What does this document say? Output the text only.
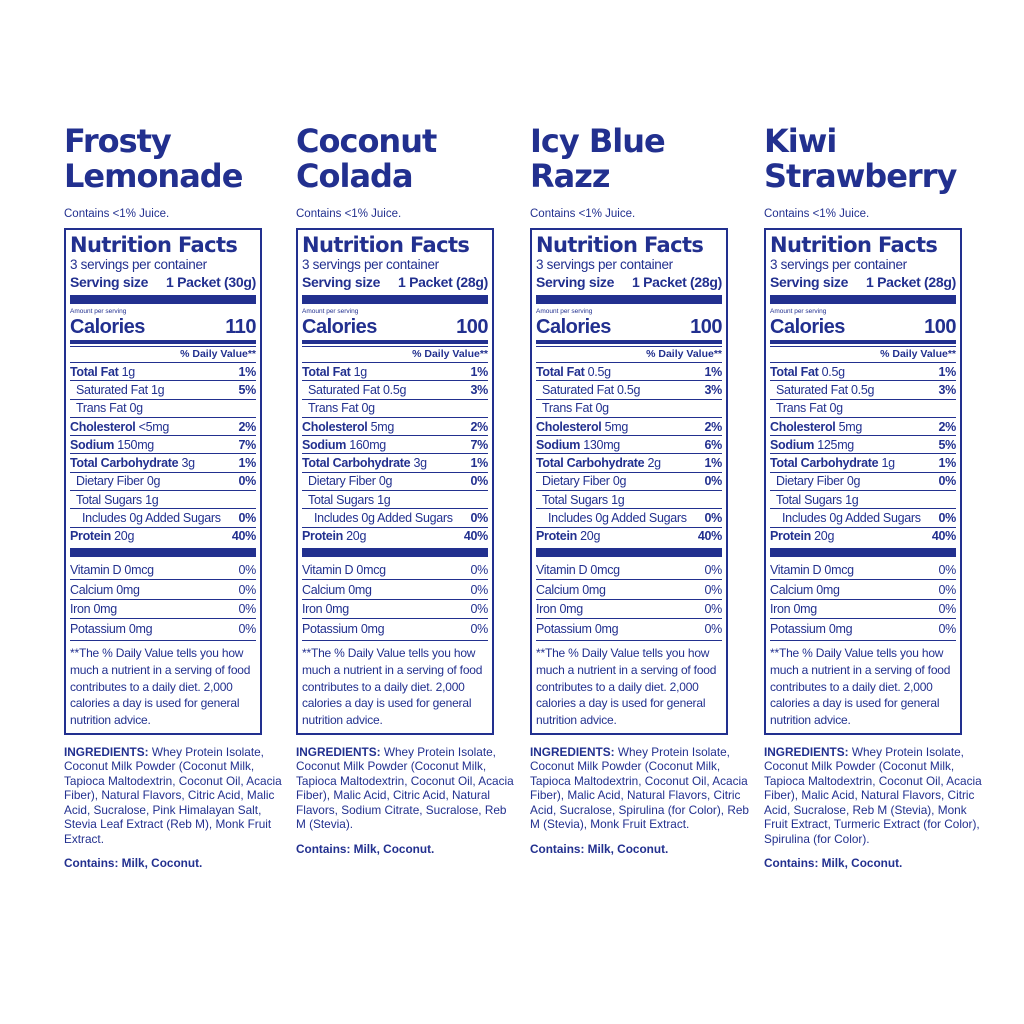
Frosty
Lemonade
Contains <1% Juice.
Nutrition Facts
3 servings per container
Serving size 1 Packet (30g)
Amount per serving
Calories	110
% Daily Value**
Total Fat 1g	1%
Saturated Fat 1g	5%
Trans Fat 0g
Cholesterol <5mg	2%
Sodium 150mg	7%
Total Carbohydrate 3g	1%
Dietary Fiber 0g	0%
Total Sugars 1g
Includes 0g Added Sugars 0%
Protein 20g	40%
Vitamin D 0mcg	0%
Calcium 0mg	0%
Iron 0mg	0%
Potassium 0mg	0%
**The % Daily Value tells you how much a nutrient in a serving of food contributes to a daily diet. 2,000 calories a day is used for general nutrition advice.
INGREDIENTS: Whey Protein Isolate, Coconut Milk Powder (Coconut Milk, Tapioca Maltodextrin, Coconut Oil, Acacia Fiber), Natural Flavors, Citric Acid, Malic Acid, Sucralose, Pink Himalayan Salt, Stevia Leaf Extract (Reb M), Monk Fruit Extract.
Contains: Milk, Coconut.
Coconut
Colada
Contains <1% Juice.
Nutrition Facts
3 servings per container
Serving size 1 Packet (28g)
Amount per serving
Calories	100
% Daily Value**
Total Fat 1g	1%
Saturated Fat 0.5g	3%
Trans Fat 0g
Cholesterol 5mg	2%
Sodium 160mg	7%
Total Carbohydrate 3g	1%
Dietary Fiber 0g	0%
Total Sugars 1g
Includes 0g Added Sugars 0%
Protein 20g	40%
Vitamin D 0mcg	0%
Calcium 0mg	0%
Iron 0mg	0%
Potassium 0mg	0%
**The % Daily Value tells you how much a nutrient in a serving of food contributes to a daily diet. 2,000 calories a day is used for general nutrition advice.
INGREDIENTS: Whey Protein Isolate, Coconut Milk Powder (Coconut Milk, Tapioca Maltodextrin, Coconut Oil, Acacia Fiber), Malic Acid, Citric Acid, Natural Flavors, Sodium Citrate, Sucralose, Reb M (Stevia).
Contains: Milk, Coconut.
Icy Blue
Razz
Contains <1% Juice.
Nutrition Facts
3 servings per container
Serving size 1 Packet (28g)
Amount per serving
Calories	100
% Daily Value**
Total Fat 0.5g	1%
Saturated Fat 0.5g	3%
Trans Fat 0g
Cholesterol 5mg	2%
Sodium 130mg	6%
Total Carbohydrate 2g	1%
Dietary Fiber 0g	0%
Total Sugars 1g
Includes 0g Added Sugars 0%
Protein 20g	40%
Vitamin D 0mcg	0%
Calcium 0mg	0%
Iron 0mg	0%
Potassium 0mg	0%
**The % Daily Value tells you how much a nutrient in a serving of food contributes to a daily diet. 2,000 calories a day is used for general nutrition advice.
INGREDIENTS: Whey Protein Isolate, Coconut Milk Powder (Coconut Milk, Tapioca Maltodextrin, Coconut Oil, Acacia Fiber), Malic Acid, Natural Flavors, Citric Acid, Sucralose, Spirulina (for Color), Reb M (Stevia), Monk Fruit Extract.
Contains: Milk, Coconut.
Kiwi
Strawberry
Contains <1% Juice.
Nutrition Facts
3 servings per container
Serving size 1 Packet (28g)
Amount per serving
Calories	100
% Daily Value**
Total Fat 0.5g	1%
Saturated Fat 0.5g	3%
Trans Fat 0g
Cholesterol 5mg	2%
Sodium 125mg	5%
Total Carbohydrate 1g	1%
Dietary Fiber 0g	0%
Total Sugars 1g
Includes 0g Added Sugars 0%
Protein 20g	40%
Vitamin D 0mcg	0%
Calcium 0mg	0%
Iron 0mg	0%
Potassium 0mg	0%
**The % Daily Value tells you how much a nutrient in a serving of food contributes to a daily diet. 2,000 calories a day is used for general nutrition advice.
INGREDIENTS: Whey Protein Isolate, Coconut Milk Powder (Coconut Milk, Tapioca Maltodextrin, Coconut Oil, Acacia Fiber), Malic Acid, Natural Flavors, Citric Acid, Sucralose, Reb M (Stevia), Monk Fruit Extract, Turmeric Extract (for Color), Spirulina (for Color).
Contains: Milk, Coconut.
